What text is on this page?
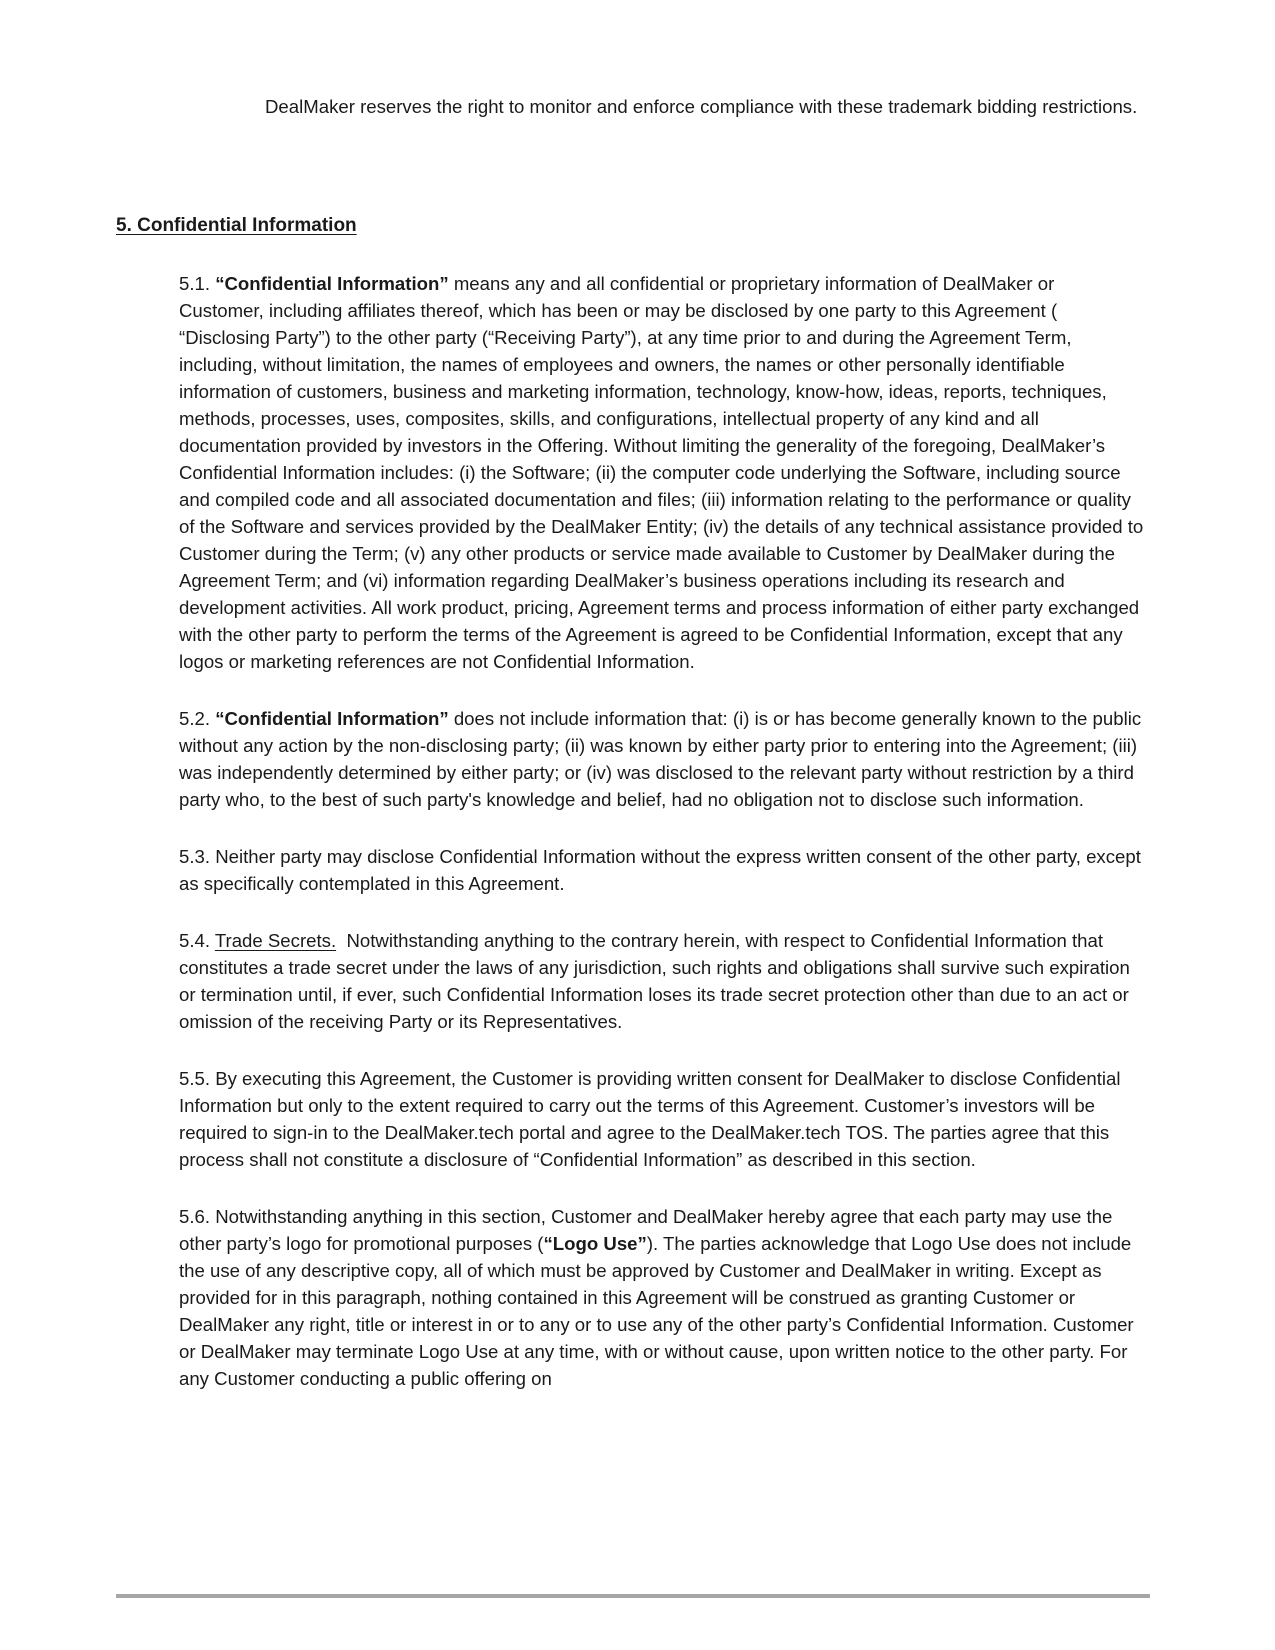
DealMaker reserves the right to monitor and enforce compliance with these trademark bidding restrictions.

5. Confidential Information

5.1. “Confidential Information” means any and all confidential or proprietary information of DealMaker or Customer, including affiliates thereof, which has been or may be disclosed by one party to this Agreement ( “Disclosing Party”) to the other party (“Receiving Party”), at any time prior to and during the Agreement Term, including, without limitation, the names of employees and owners, the names or other personally identifiable information of customers, business and marketing information, technology, know-how, ideas, reports, techniques, methods, processes, uses, composites, skills, and configurations, intellectual property of any kind and all documentation provided by investors in the Offering. Without limiting the generality of the foregoing, DealMaker’s Confidential Information includes: (i) the Software; (ii) the computer code underlying the Software, including source and compiled code and all associated documentation and files; (iii) information relating to the performance or quality of the Software and services provided by the DealMaker Entity; (iv) the details of any technical assistance provided to Customer during the Term; (v) any other products or service made available to Customer by DealMaker during the Agreement Term; and (vi) information regarding DealMaker’s business operations including its research and development activities. All work product, pricing, Agreement terms and process information of either party exchanged with the other party to perform the terms of the Agreement is agreed to be Confidential Information, except that any logos or marketing references are not Confidential Information.

5.2. “Confidential Information” does not include information that: (i) is or has become generally known to the public without any action by the non-disclosing party; (ii) was known by either party prior to entering into the Agreement; (iii) was independently determined by either party; or (iv) was disclosed to the relevant party without restriction by a third party who, to the best of such party's knowledge and belief, had no obligation not to disclose such information.

5.3. Neither party may disclose Confidential Information without the express written consent of the other party, except as specifically contemplated in this Agreement.

5.4. Trade Secrets. Notwithstanding anything to the contrary herein, with respect to Confidential Information that constitutes a trade secret under the laws of any jurisdiction, such rights and obligations shall survive such expiration or termination until, if ever, such Confidential Information loses its trade secret protection other than due to an act or omission of the receiving Party or its Representatives.

5.5. By executing this Agreement, the Customer is providing written consent for DealMaker to disclose Confidential Information but only to the extent required to carry out the terms of this Agreement. Customer’s investors will be required to sign-in to the DealMaker.tech portal and agree to the DealMaker.tech TOS. The parties agree that this process shall not constitute a disclosure of “Confidential Information” as described in this section.

5.6. Notwithstanding anything in this section, Customer and DealMaker hereby agree that each party may use the other party’s logo for promotional purposes (“Logo Use”). The parties acknowledge that Logo Use does not include the use of any descriptive copy, all of which must be approved by Customer and DealMaker in writing. Except as provided for in this paragraph, nothing contained in this Agreement will be construed as granting Customer or DealMaker any right, title or interest in or to any or to use any of the other party’s Confidential Information. Customer or DealMaker may terminate Logo Use at any time, with or without cause, upon written notice to the other party. For any Customer conducting a public offering on
